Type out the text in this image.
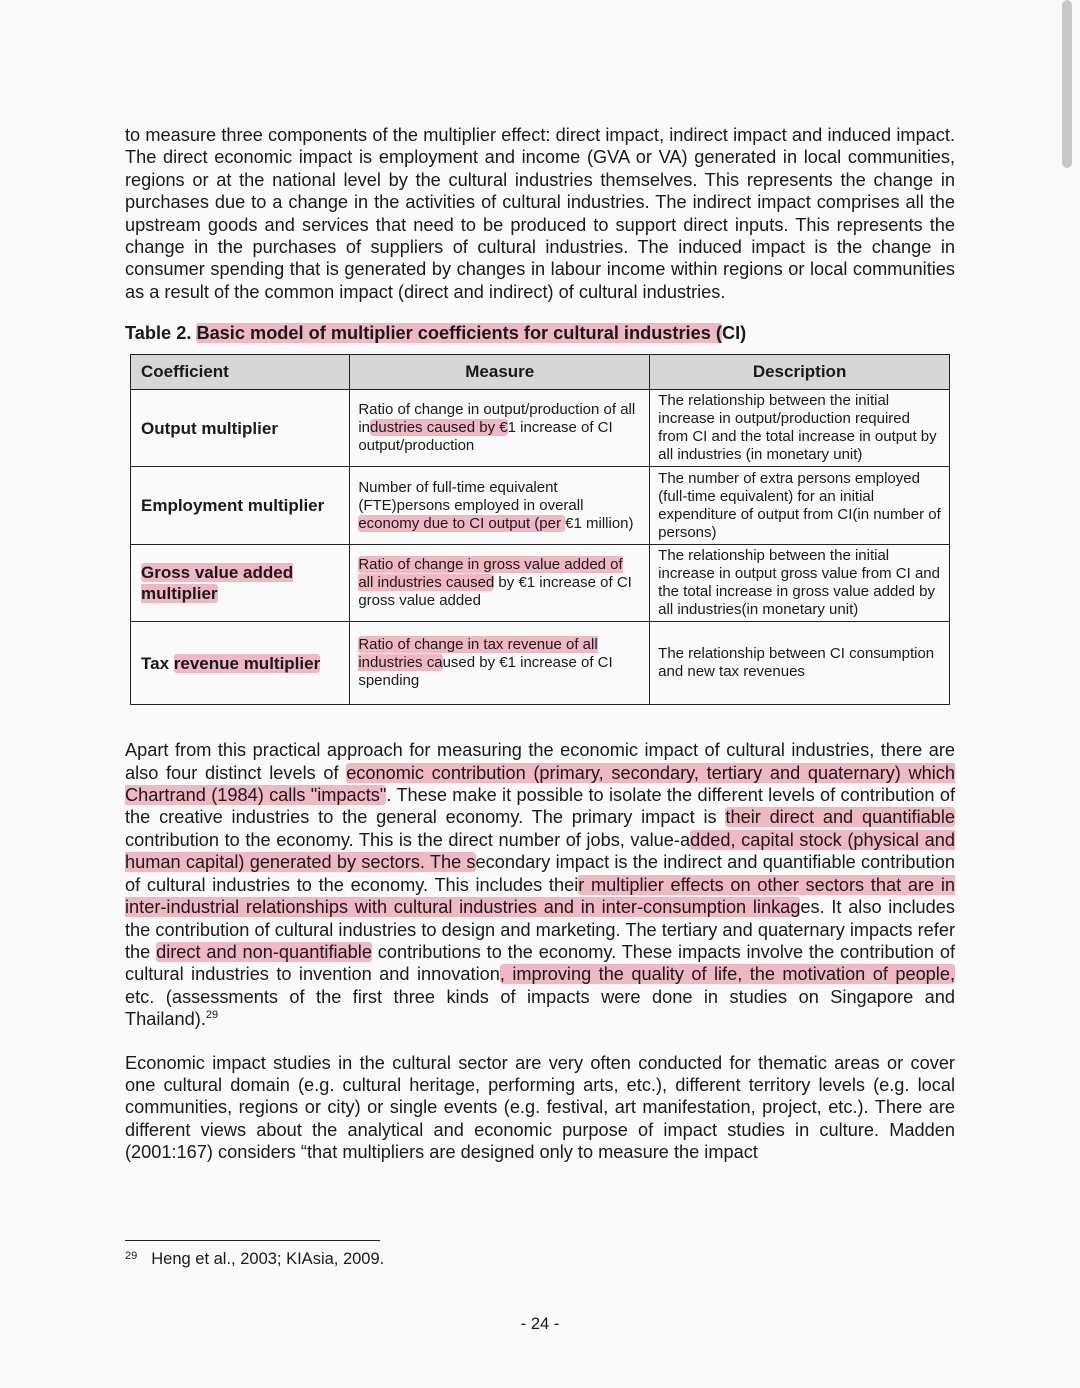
to measure three components of the multiplier effect: direct impact, indirect impact and induced impact. The direct economic impact is employment and income (GVA or VA) generated in local communities, regions or at the national level by the cultural industries themselves. This represents the change in purchases due to a change in the activities of cultural industries. The indirect impact comprises all the upstream goods and services that need to be produced to support direct inputs. This represents the change in the purchases of suppliers of cultural industries. The induced impact is the change in consumer spending that is generated by changes in labour income within regions or local communities as a result of the common impact (direct and indirect) of cultural industries.

Table 2. Basic model of multiplier coefficients for cultural industries (CI)
Coefficient	Measure	Description
Output multiplier	Ratio of change in output/production of all industries caused by €1 increase of CI output/production	The relationship between the initial increase in output/production required from CI and the total increase in output by all industries (in monetary unit)
Employment multiplier	Number of full-time equivalent (FTE)persons employed in overall economy due to CI output (per €1 million)	The number of extra persons employed (full-time equivalent) for an initial expenditure of output from CI(in number of persons)
Gross value added multiplier	Ratio of change in gross value added of all industries caused by €1 increase of CI gross value added	The relationship between the initial increase in output gross value from CI and the total increase in gross value added by all industries(in monetary unit)
Tax revenue multiplier	Ratio of change in tax revenue of all industries caused by €1 increase of CI spending	The relationship between CI consumption and new tax revenues

Apart from this practical approach for measuring the economic impact of cultural industries, there are also four distinct levels of economic contribution (primary, secondary, tertiary and quaternary) which Chartrand (1984) calls "impacts". These make it possible to isolate the different levels of contribution of the creative industries to the general economy. The primary impact is their direct and quantifiable contribution to the economy. This is the direct number of jobs, value-added, capital stock (physical and human capital) generated by sectors. The secondary impact is the indirect and quantifiable contribution of cultural industries to the economy. This includes their multiplier effects on other sectors that are in inter-industrial relationships with cultural industries and in inter-consumption linkages. It also includes the contribution of cultural industries to design and marketing. The tertiary and quaternary impacts refer the direct and non-quantifiable contributions to the economy. These impacts involve the contribution of cultural industries to invention and innovation, improving the quality of life, the motivation of people, etc. (assessments of the first three kinds of impacts were done in studies on Singapore and Thailand).$^{29}$

Economic impact studies in the cultural sector are very often conducted for thematic areas or cover one cultural domain (e.g. cultural heritage, performing arts, etc.), different territory levels (e.g. local communities, regions or city) or single events (e.g. festival, art manifestation, project, etc.). There are different views about the analytical and economic purpose of impact studies in culture. Madden (2001:167) considers “that multipliers are designed only to measure the impact

$^{29}$ Heng et al., 2003; KIAsia, 2009.
- 24 -
